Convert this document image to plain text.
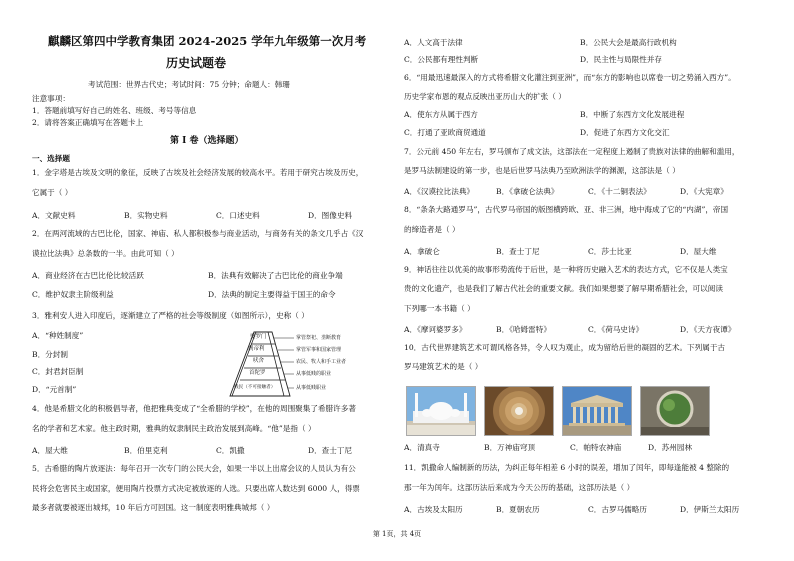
麒麟区第四中学教育集团 2024-2025 学年九年级第一次月考
历史试题卷
考试范围：世界古代史；考试时间：75 分钟；命题人：韩珊
注意事项：
1．答题前填写好自己的姓名、班级、考号等信息
2．请将答案正确填写在答题卡上
第 I 卷（选择题）
一、选择题
1．金字塔是古埃及文明的象征，反映了古埃及社会经济发展的较高水平。若用于研究古埃及历史，
它属于（ ）
A．文献史料	B．实物史料	C．口述史料	D．图像史料
2．在两河流域的古巴比伦，国家、神庙、私人都积极参与商业活动，与商务有关的条文几乎占《汉
谟拉比法典》总条数的一半。由此可知（ ）
A．商业经济在古巴比伦比较活跃	B．法典有效解决了古巴比伦的商业争端
C．维护奴隶主阶级利益	D．法典的制定主要得益于国王的命令
3．雅利安人进入印度后，逐渐建立了严格的社会等级制度（如图所示），史称（ ）
A．“种姓制度”
B．分封制
C．封君封臣制
D．“元首制”
婆罗门
刹帝利
吠舍
首陀罗
贱民（不可接触者）
掌管祭祀、垄断教育
掌管军事和国家管理
农民、牧人和手工业者
从事低贱的职业
从事低贱职业
4．他是希腊文化的积极倡导者，他把雅典变成了“全希腊的学校”，在他的周围聚集了希腊许多著
名的学者和艺术家。他主政时期，雅典的奴隶制民主政治发展到高峰。“他”是指（ ）
A．屋大维	B．伯里克利	C．凯撒	D．查士丁尼
5．古希腊的陶片放逐法：每年召开一次专门的公民大会，如果一半以上出席会议的人员认为有公
民将会危害民主或国家，便用陶片投票方式决定被放逐的人选。只要出席人数达到 6000 人，得票
最多者就要被逐出城邦，10 年后方可回国。这一制度表明雅典城邦（ ）
A．人文高于法律	B．公民大会是最高行政机构
C．公民都有理性判断	D．民主性与局限性并存
6．“用最迅速最深入的方式将希腊文化灌注到亚洲”，而“东方的影响也以席卷一切之势涌入西方”。
历史学家布恩的观点反映出亚历山大的扩张（ ）
A．使东方从属于西方	B．中断了东西方文化发展进程
C．打通了亚欧商贸通道	D．促进了东西方文化交汇
7．公元前 450 年左右，罗马颁布了成文法，这部法在一定程度上遏制了贵族对法律的曲解和滥用，
是罗马法制建设的第一步，也是后世罗马法典乃至欧洲法学的渊源，这部法是（ ）
A．《汉谟拉比法典》	B．《拿破仑法典》	C．《十二铜表法》	D．《大宪章》
8．“条条大路通罗马”，古代罗马帝国的版图横跨欧、亚、非三洲，地中海成了它的“内湖”，帝国
的缔造者是（ ）
A．拿破仑	B．查士丁尼	C．莎士比亚	D．屋大维
9．神话往往以优美的故事形势流传于后世，是一种将历史融入艺术的表达方式，它不仅是人类宝
贵的文化遗产，也是我们了解古代社会的重要文献。我们如果想要了解早期希腊社会，可以阅读
下列哪一本书籍（ ）
A．《摩诃婆罗多》	B．《哈姆雷特》	C．《荷马史诗》	D．《天方夜谭》
10．古代世界建筑艺术可谓风格各异，令人叹为观止，成为留给后世的凝固的艺术。下列属于古
罗马建筑艺术的是（ ）
A．清真寺	B．万神庙穹顶	C．帕特农神庙	D．苏州园林
11．凯撒命人编制新的历法，为纠正每年相差 6 小时的误差，增加了闰年，即每逢能被 4 整除的
那一年为闰年。这部历法后来成为今天公历的基础，这部历法是（ ）
A．古埃及太阳历	B．夏朝农历	C．古罗马儒略历	D．伊斯兰太阳历
第 1页，共 4页
